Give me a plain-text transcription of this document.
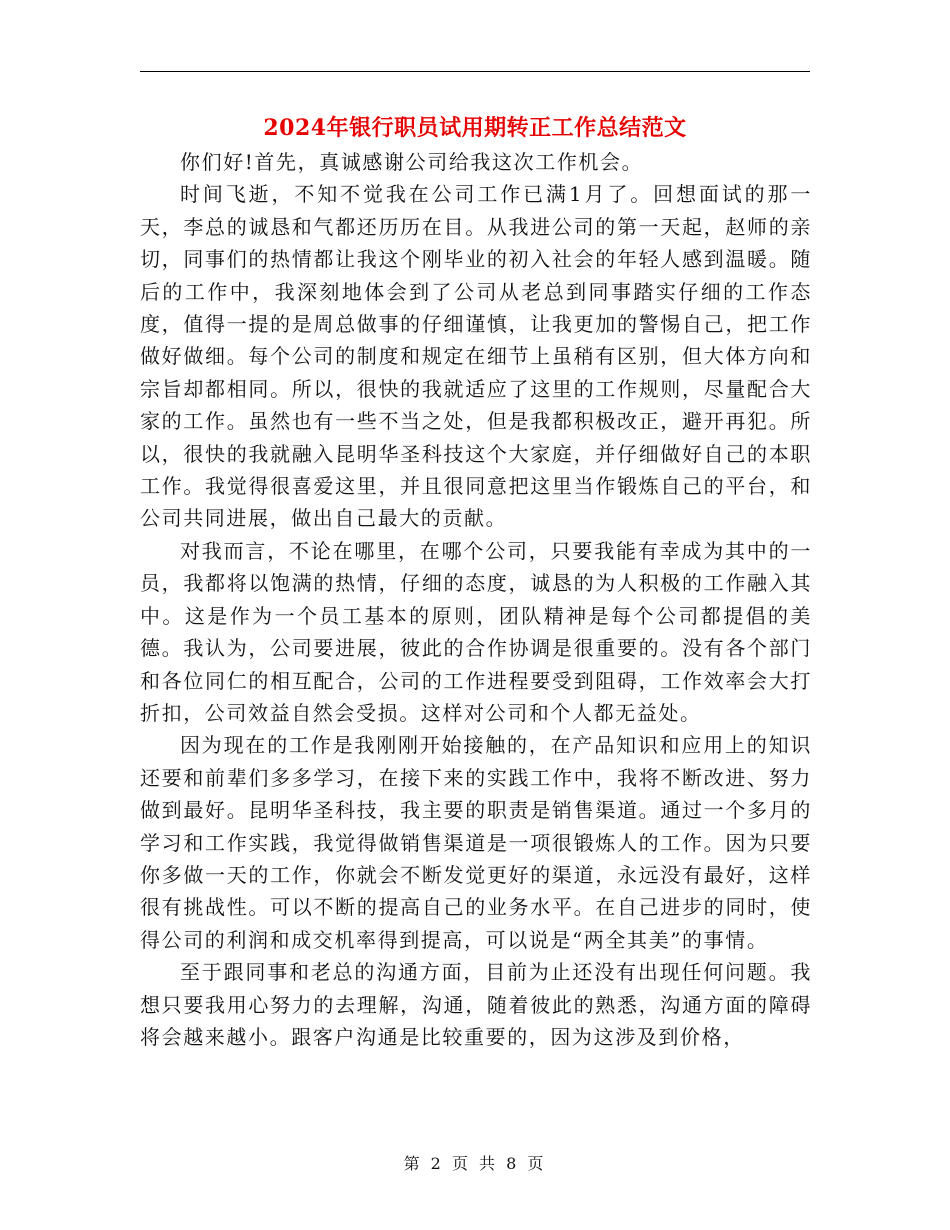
2024年银行职员试用期转正工作总结范文

你们好!首先，真诚感谢公司给我这次工作机会。

时间飞逝，不知不觉我在公司工作已满1月了。回想面试的那一天，李总的诚恳和气都还历历在目。从我进公司的第一天起，赵师的亲切，同事们的热情都让我这个刚毕业的初入社会的年轻人感到温暖。随后的工作中，我深刻地体会到了公司从老总到同事踏实仔细的工作态度，值得一提的是周总做事的仔细谨慎，让我更加的警惕自己，把工作做好做细。每个公司的制度和规定在细节上虽稍有区别，但大体方向和宗旨却都相同。所以，很快的我就适应了这里的工作规则，尽量配合大家的工作。虽然也有一些不当之处，但是我都积极改正，避开再犯。所以，很快的我就融入昆明华圣科技这个大家庭，并仔细做好自己的本职工作。我觉得很喜爱这里，并且很同意把这里当作锻炼自己的平台，和公司共同进展，做出自己最大的贡献。

对我而言，不论在哪里，在哪个公司，只要我能有幸成为其中的一员，我都将以饱满的热情，仔细的态度，诚恳的为人积极的工作融入其中。这是作为一个员工基本的原则，团队精神是每个公司都提倡的美德。我认为，公司要进展，彼此的合作协调是很重要的。没有各个部门和各位同仁的相互配合，公司的工作进程要受到阻碍，工作效率会大打折扣，公司效益自然会受损。这样对公司和个人都无益处。

因为现在的工作是我刚刚开始接触的，在产品知识和应用上的知识还要和前辈们多多学习，在接下来的实践工作中，我将不断改进、努力做到最好。昆明华圣科技，我主要的职责是销售渠道。通过一个多月的学习和工作实践，我觉得做销售渠道是一项很锻炼人的工作。因为只要你多做一天的工作，你就会不断发觉更好的渠道，永远没有最好，这样很有挑战性。可以不断的提高自己的业务水平。在自己进步的同时，使得公司的利润和成交机率得到提高，可以说是“两全其美”的事情。

至于跟同事和老总的沟通方面，目前为止还没有出现任何问题。我想只要我用心努力的去理解，沟通，随着彼此的熟悉，沟通方面的障碍将会越来越小。跟客户沟通是比较重要的，因为这涉及到价格，

第 2 页 共 8 页
